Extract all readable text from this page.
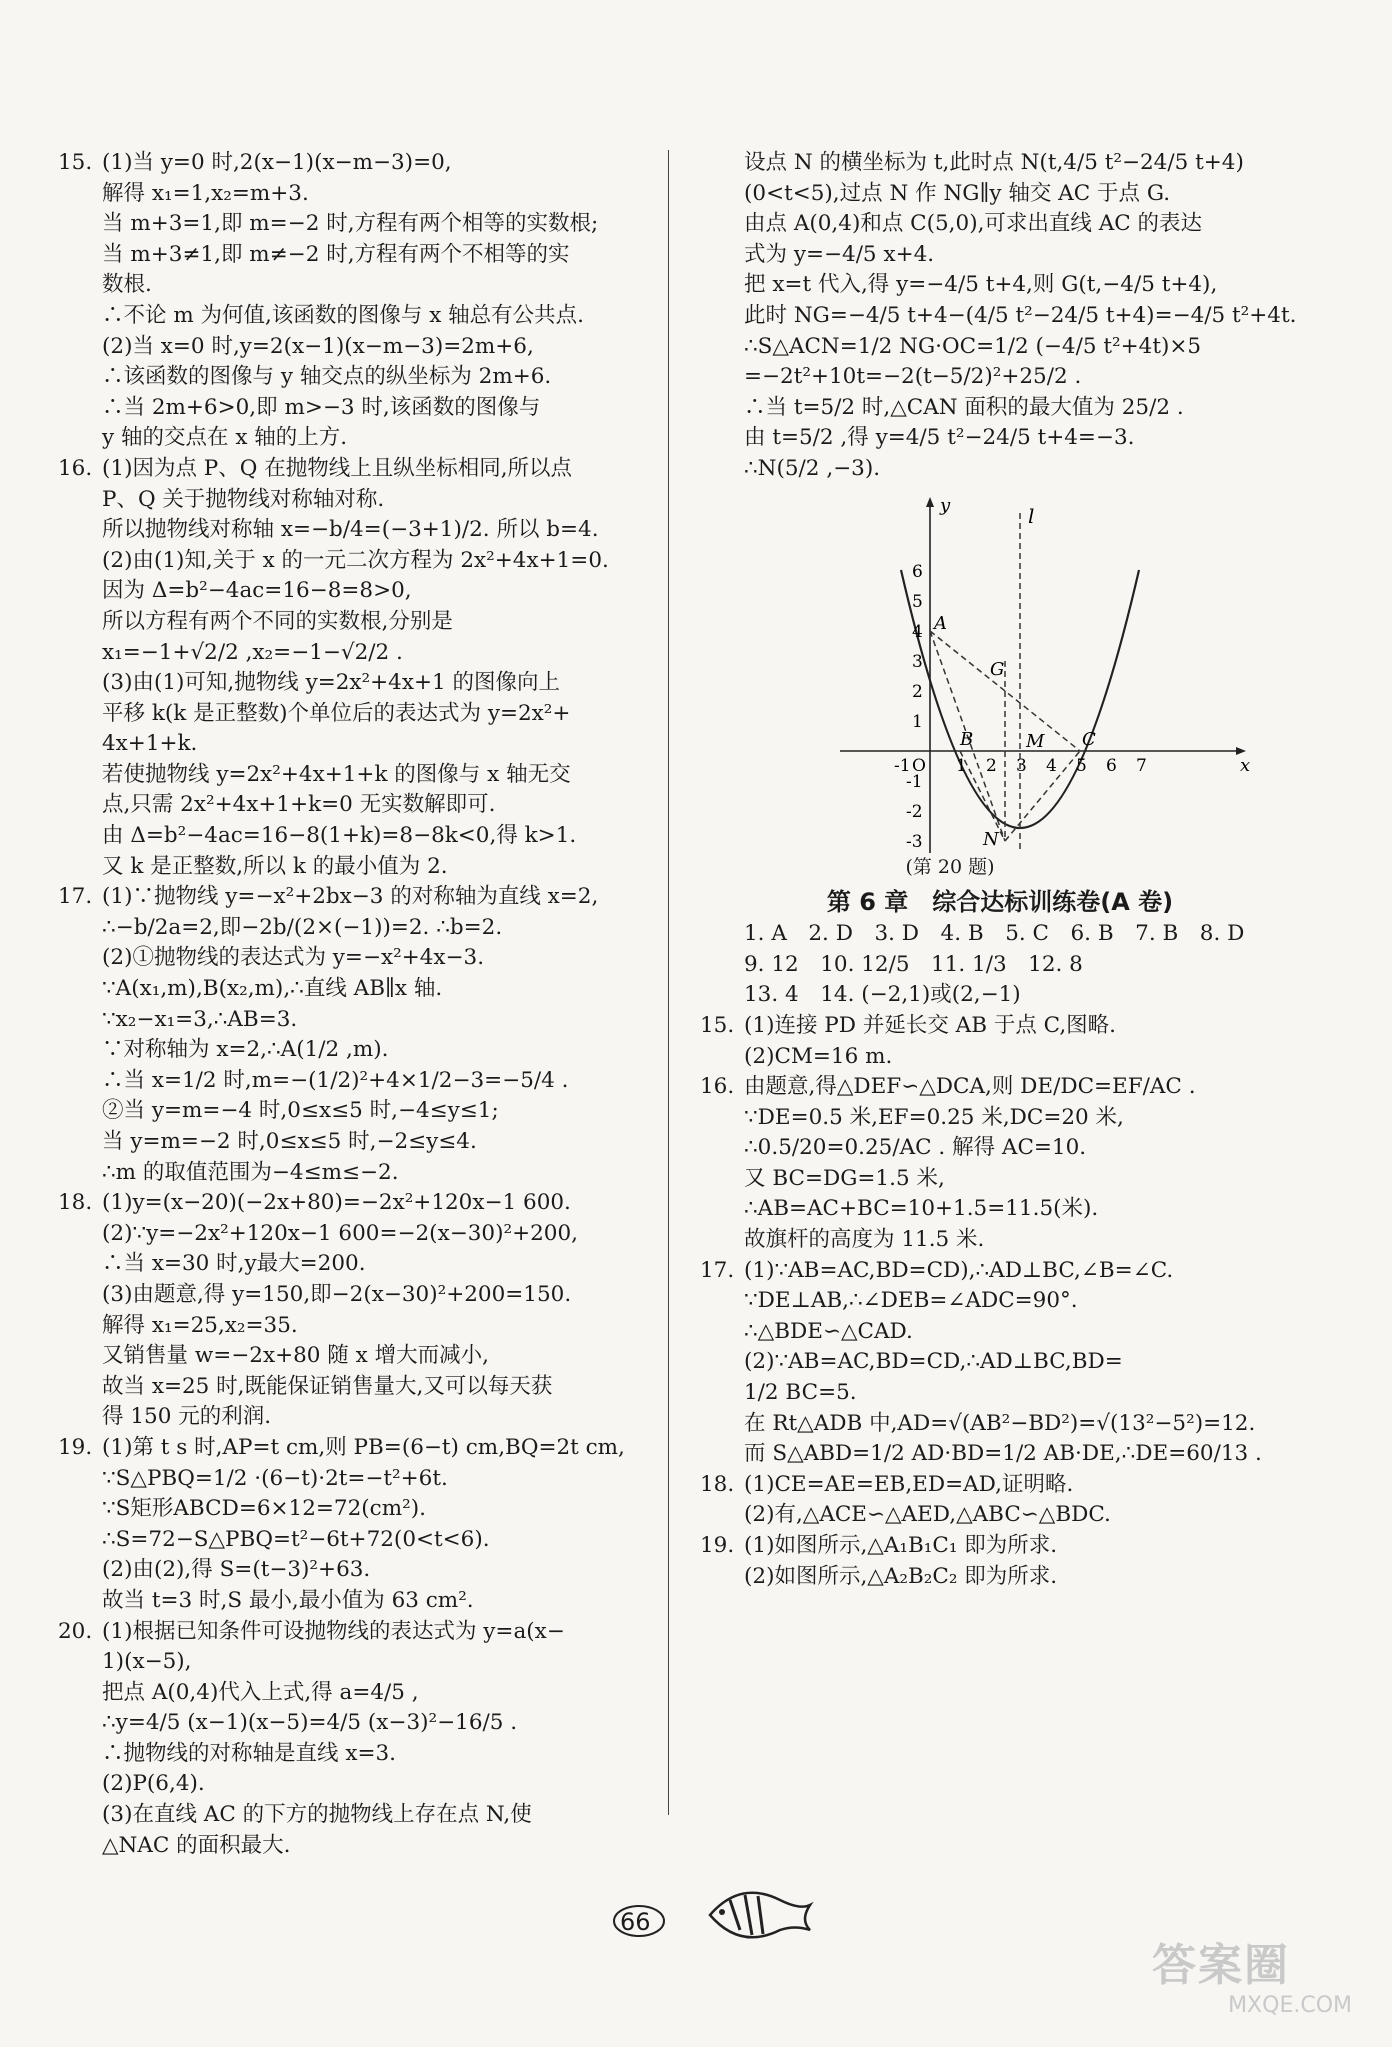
15. (1)当 y=0 时,2(x−1)(x−m−3)=0,
解得 x₁=1,x₂=m+3.
当 m+3=1,即 m=−2 时,方程有两个相等的实数根;
当 m+3≠1,即 m≠−2 时,方程有两个不相等的实
数根.
∴不论 m 为何值,该函数的图像与 x 轴总有公共点.
(2)当 x=0 时,y=2(x−1)(x−m−3)=2m+6,
∴该函数的图像与 y 轴交点的纵坐标为 2m+6.
∴当 2m+6>0,即 m>−3 时,该函数的图像与
y 轴的交点在 x 轴的上方.
16. (1)因为点 P、Q 在抛物线上且纵坐标相同,所以点
P、Q 关于抛物线对称轴对称.
所以抛物线对称轴 x=−b/4=(−3+1)/2. 所以 b=4.
(2)由(1)知,关于 x 的一元二次方程为 2x²+4x+1=0.
因为 Δ=b²−4ac=16−8=8>0,
所以方程有两个不同的实数根,分别是
x₁=−1+√2/2 ,x₂=−1−√2/2 .
(3)由(1)可知,抛物线 y=2x²+4x+1 的图像向上
平移 k(k 是正整数)个单位后的表达式为 y=2x²+
4x+1+k.
若使抛物线 y=2x²+4x+1+k 的图像与 x 轴无交
点,只需 2x²+4x+1+k=0 无实数解即可.
由 Δ=b²−4ac=16−8(1+k)=8−8k<0,得 k>1.
又 k 是正整数,所以 k 的最小值为 2.
17. (1)∵抛物线 y=−x²+2bx−3 的对称轴为直线 x=2,
∴−b/2a=2,即−2b/(2×(−1))=2. ∴b=2.
(2)①抛物线的表达式为 y=−x²+4x−3.
∵A(x₁,m),B(x₂,m),∴直线 AB∥x 轴.
∵x₂−x₁=3,∴AB=3.
∵对称轴为 x=2,∴A(1/2 ,m).
∴当 x=1/2 时,m=−(1/2)²+4×1/2−3=−5/4 .
②当 y=m=−4 时,0≤x≤5 时,−4≤y≤1;
当 y=m=−2 时,0≤x≤5 时,−2≤y≤4.
∴m 的取值范围为−4≤m≤−2.
18. (1)y=(x−20)(−2x+80)=−2x²+120x−1 600.
(2)∵y=−2x²+120x−1 600=−2(x−30)²+200,
∴当 x=30 时,y最大=200.
(3)由题意,得 y=150,即−2(x−30)²+200=150.
解得 x₁=25,x₂=35.
又销售量 w=−2x+80 随 x 增大而减小,
故当 x=25 时,既能保证销售量大,又可以每天获
得 150 元的利润.
19. (1)第 t s 时,AP=t cm,则 PB=(6−t) cm,BQ=2t cm,
∵S△PBQ=1/2 ·(6−t)·2t=−t²+6t.
∵S矩形ABCD=6×12=72(cm²).
∴S=72−S△PBQ=t²−6t+72(0<t<6).
(2)由(2),得 S=(t−3)²+63.
故当 t=3 时,S 最小,最小值为 63 cm².
20. (1)根据已知条件可设抛物线的表达式为 y=a(x−
1)(x−5),
把点 A(0,4)代入上式,得 a=4/5 ,
∴y=4/5 (x−1)(x−5)=4/5 (x−3)²−16/5 .
∴抛物线的对称轴是直线 x=3.
(2)P(6,4).
(3)在直线 AC 的下方的抛物线上存在点 N,使
△NAC 的面积最大.
设点 N 的横坐标为 t,此时点 N(t,4/5 t²−24/5 t+4)
(0<t<5),过点 N 作 NG∥y 轴交 AC 于点 G.
由点 A(0,4)和点 C(5,0),可求出直线 AC 的表达
式为 y=−4/5 x+4.
把 x=t 代入,得 y=−4/5 t+4,则 G(t,−4/5 t+4),
此时 NG=−4/5 t+4−(4/5 t²−24/5 t+4)=−4/5 t²+4t.
∴S△ACN=1/2 NG·OC=1/2 (−4/5 t²+4t)×5
=−2t²+10t=−2(t−5/2)²+25/2 .
∴当 t=5/2 时,△CAN 面积的最大值为 25/2 .
由 t=5/2 ,得 y=4/5 t²−24/5 t+4=−3.
∴N(5/2 ,−3).
y
x
l
A
B	C
G
M
N
O
-1	1 2 3 4 5 6 7
6
5
4
3
2
1
-1
-2
-3
(第 20 题)
第 6 章　综合达标训练卷(A 卷)
1. A　2. D　3. D　4. B　5. C　6. B　7. B　8. D
9. 12　10. 12/5　11. 1/3　12. 8
13. 4　14. (−2,1)或(2,−1)
15. (1)连接 PD 并延长交 AB 于点 C,图略.
(2)CM=16 m.
16. 由题意,得△DEF∽△DCA,则 DE/DC=EF/AC .
∵DE=0.5 米,EF=0.25 米,DC=20 米,
∴0.5/20=0.25/AC . 解得 AC=10.
又 BC=DG=1.5 米,
∴AB=AC+BC=10+1.5=11.5(米).
故旗杆的高度为 11.5 米.
17. (1)∵AB=AC,BD=CD),∴AD⊥BC,∠B=∠C.
∵DE⊥AB,∴∠DEB=∠ADC=90°.
∴△BDE∽△CAD.
(2)∵AB=AC,BD=CD,∴AD⊥BC,BD=
1/2 BC=5.
在 Rt△ADB 中,AD=√(AB²−BD²)=√(13²−5²)=12.
而 S△ABD=1/2 AD·BD=1/2 AB·DE,∴DE=60/13 .
18. (1)CE=AE=EB,ED=AD,证明略.
(2)有,△ACE∽△AED,△ABC∽△BDC.
19. (1)如图所示,△A₁B₁C₁ 即为所求.
(2)如图所示,△A₂B₂C₂ 即为所求.
66
答案圈
MXQE.COM
